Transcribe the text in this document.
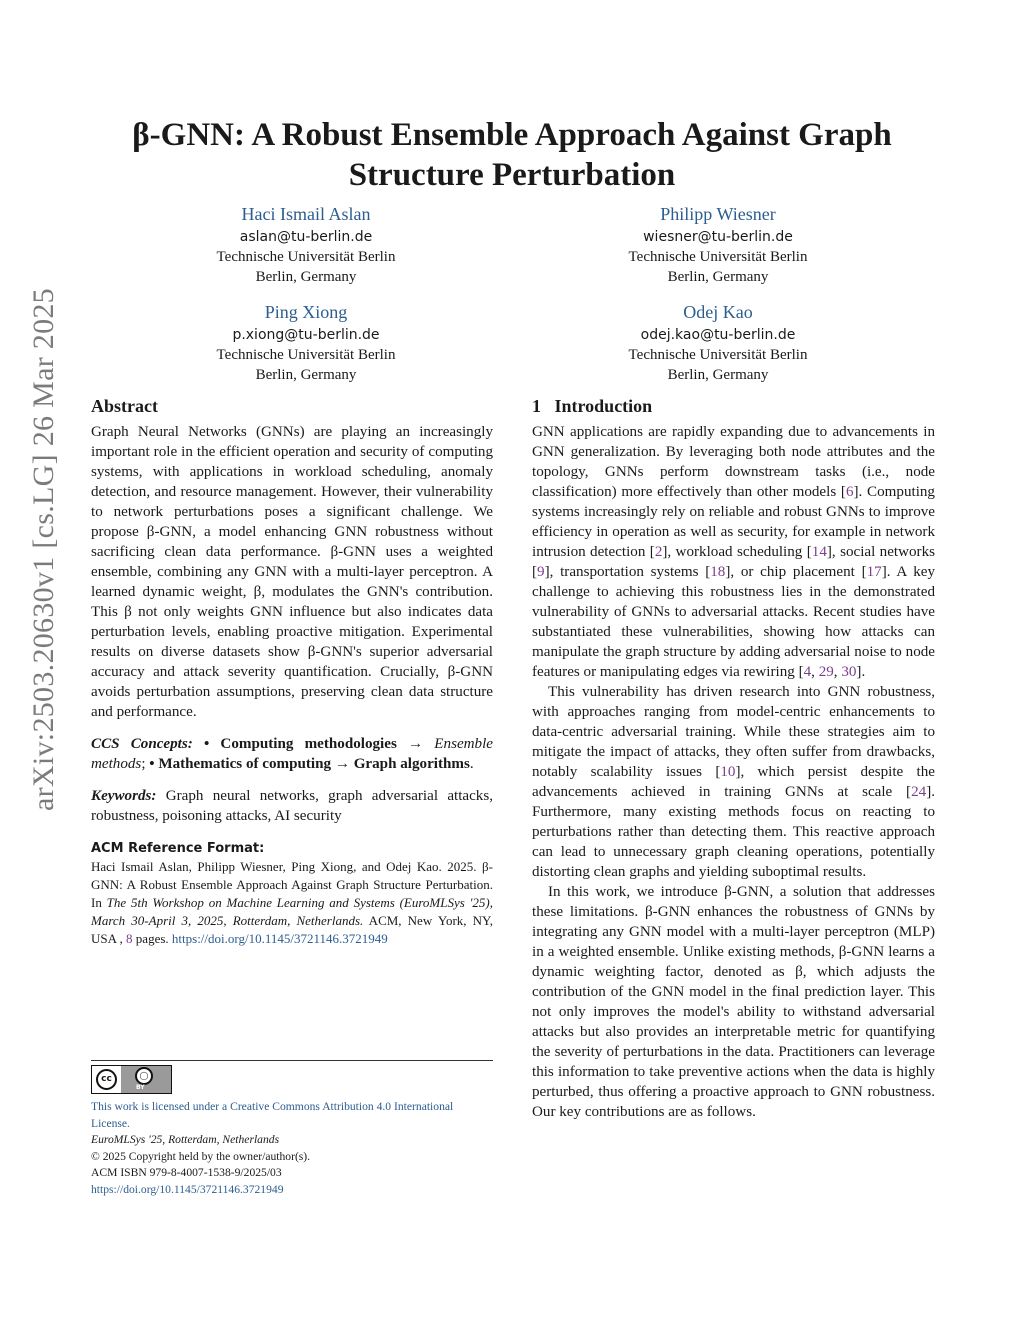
arXiv:2503.20630v1 [cs.LG] 26 Mar 2025
β-GNN: A Robust Ensemble Approach Against Graph Structure Perturbation
Haci Ismail Aslan
aslan@tu-berlin.de
Technische Universität Berlin
Berlin, Germany
Philipp Wiesner
wiesner@tu-berlin.de
Technische Universität Berlin
Berlin, Germany
Ping Xiong
p.xiong@tu-berlin.de
Technische Universität Berlin
Berlin, Germany
Odej Kao
odej.kao@tu-berlin.de
Technische Universität Berlin
Berlin, Germany
Abstract

Graph Neural Networks (GNNs) are playing an increasingly important role in the efficient operation and security of computing systems, with applications in workload scheduling, anomaly detection, and resource management. However, their vulnerability to network perturbations poses a significant challenge. We propose β-GNN, a model enhancing GNN robustness without sacrificing clean data performance. β-GNN uses a weighted ensemble, combining any GNN with a multi-layer perceptron. A learned dynamic weight, β, modulates the GNN's contribution. This β not only weights GNN influence but also indicates data perturbation levels, enabling proactive mitigation. Experimental results on diverse datasets show β-GNN's superior adversarial accuracy and attack severity quantification. Crucially, β-GNN avoids perturbation assumptions, preserving clean data structure and performance.

CCS Concepts: • Computing methodologies → Ensemble methods; • Mathematics of computing → Graph algorithms.

Keywords: Graph neural networks, graph adversarial attacks, robustness, poisoning attacks, AI security

ACM Reference Format:

Haci Ismail Aslan, Philipp Wiesner, Ping Xiong, and Odej Kao. 2025. β-GNN: A Robust Ensemble Approach Against Graph Structure Perturbation. In The 5th Workshop on Machine Learning and Systems (EuroMLSys '25), March 30-April 3, 2025, Rotterdam, Netherlands. ACM, New York, NY, USA , 8 pages. https://doi.org/10.1145/3721146.3721949

cc	◯
BY

This work is licensed under a Creative Commons Attribution 4.0 International License.

EuroMLSys '25, Rotterdam, Netherlands

© 2025 Copyright held by the owner/author(s).

ACM ISBN 979-8-4007-1538-9/2025/03

https://doi.org/10.1145/3721146.3721949

1   Introduction

GNN applications are rapidly expanding due to advancements in GNN generalization. By leveraging both node attributes and the topology, GNNs perform downstream tasks (i.e., node classification) more effectively than other models [6]. Computing systems increasingly rely on reliable and robust GNNs to improve efficiency in operation as well as security, for example in network intrusion detection [2], workload scheduling [14], social networks [9], transportation systems [18], or chip placement [17]. A key challenge to achieving this robustness lies in the demonstrated vulnerability of GNNs to adversarial attacks. Recent studies have substantiated these vulnerabilities, showing how attacks can manipulate the graph structure by adding adversarial noise to node features or manipulating edges via rewiring [4, 29, 30].

This vulnerability has driven research into GNN robustness, with approaches ranging from model-centric enhancements to data-centric adversarial training. While these strategies aim to mitigate the impact of attacks, they often suffer from drawbacks, notably scalability issues [10], which persist despite the advancements achieved in training GNNs at scale [24]. Furthermore, many existing methods focus on reacting to perturbations rather than detecting them. This reactive approach can lead to unnecessary graph cleaning operations, potentially distorting clean graphs and yielding suboptimal results.

In this work, we introduce β-GNN, a solution that addresses these limitations. β-GNN enhances the robustness of GNNs by integrating any GNN model with a multi-layer perceptron (MLP) in a weighted ensemble. Unlike existing methods, β-GNN learns a dynamic weighting factor, denoted as β, which adjusts the contribution of the GNN model in the final prediction layer. This not only improves the model's ability to withstand adversarial attacks but also provides an interpretable metric for quantifying the severity of perturbations in the data. Practitioners can leverage this information to take preventive actions when the data is highly perturbed, thus offering a proactive approach to GNN robustness. Our key contributions are as follows.
